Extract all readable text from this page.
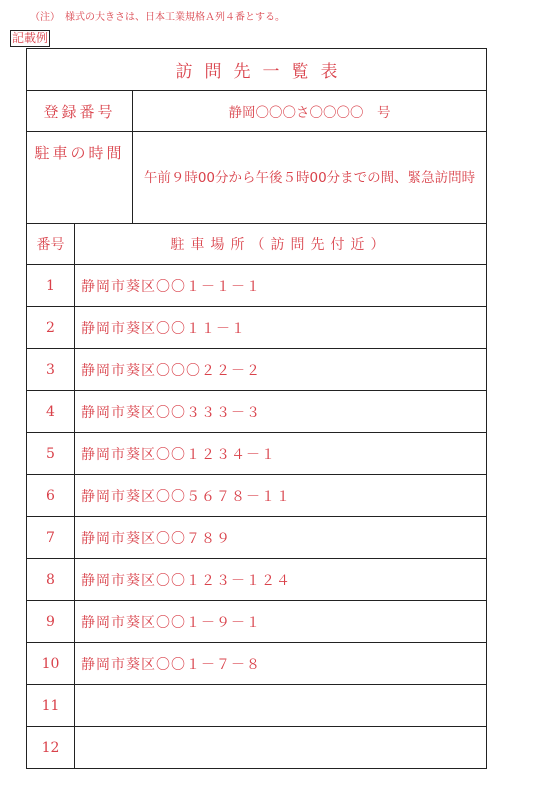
（注）　様式の大きさは、日本工業規格Ａ列４番とする。
記載例
訪問先一覧表		
登録番号		静岡〇〇〇さ〇〇〇〇　号
駐車の時間		午前９時00分から午後５時00分までの間、緊急訪問時
番号	駐車場所（訪問先付近）	
1	静岡市葵区〇〇１－１－１	
2	静岡市葵区〇〇１１－１	
3	静岡市葵区〇〇〇２２－２	
4	静岡市葵区〇〇３３３－３	
5	静岡市葵区〇〇１２３４－１	
6	静岡市葵区〇〇５６７８－１１	
7	静岡市葵区〇〇７８９	
8	静岡市葵区〇〇１２３－１２４	
9	静岡市葵区〇〇１－９－１	
10	静岡市葵区〇〇１－７－８	
11		
12		
